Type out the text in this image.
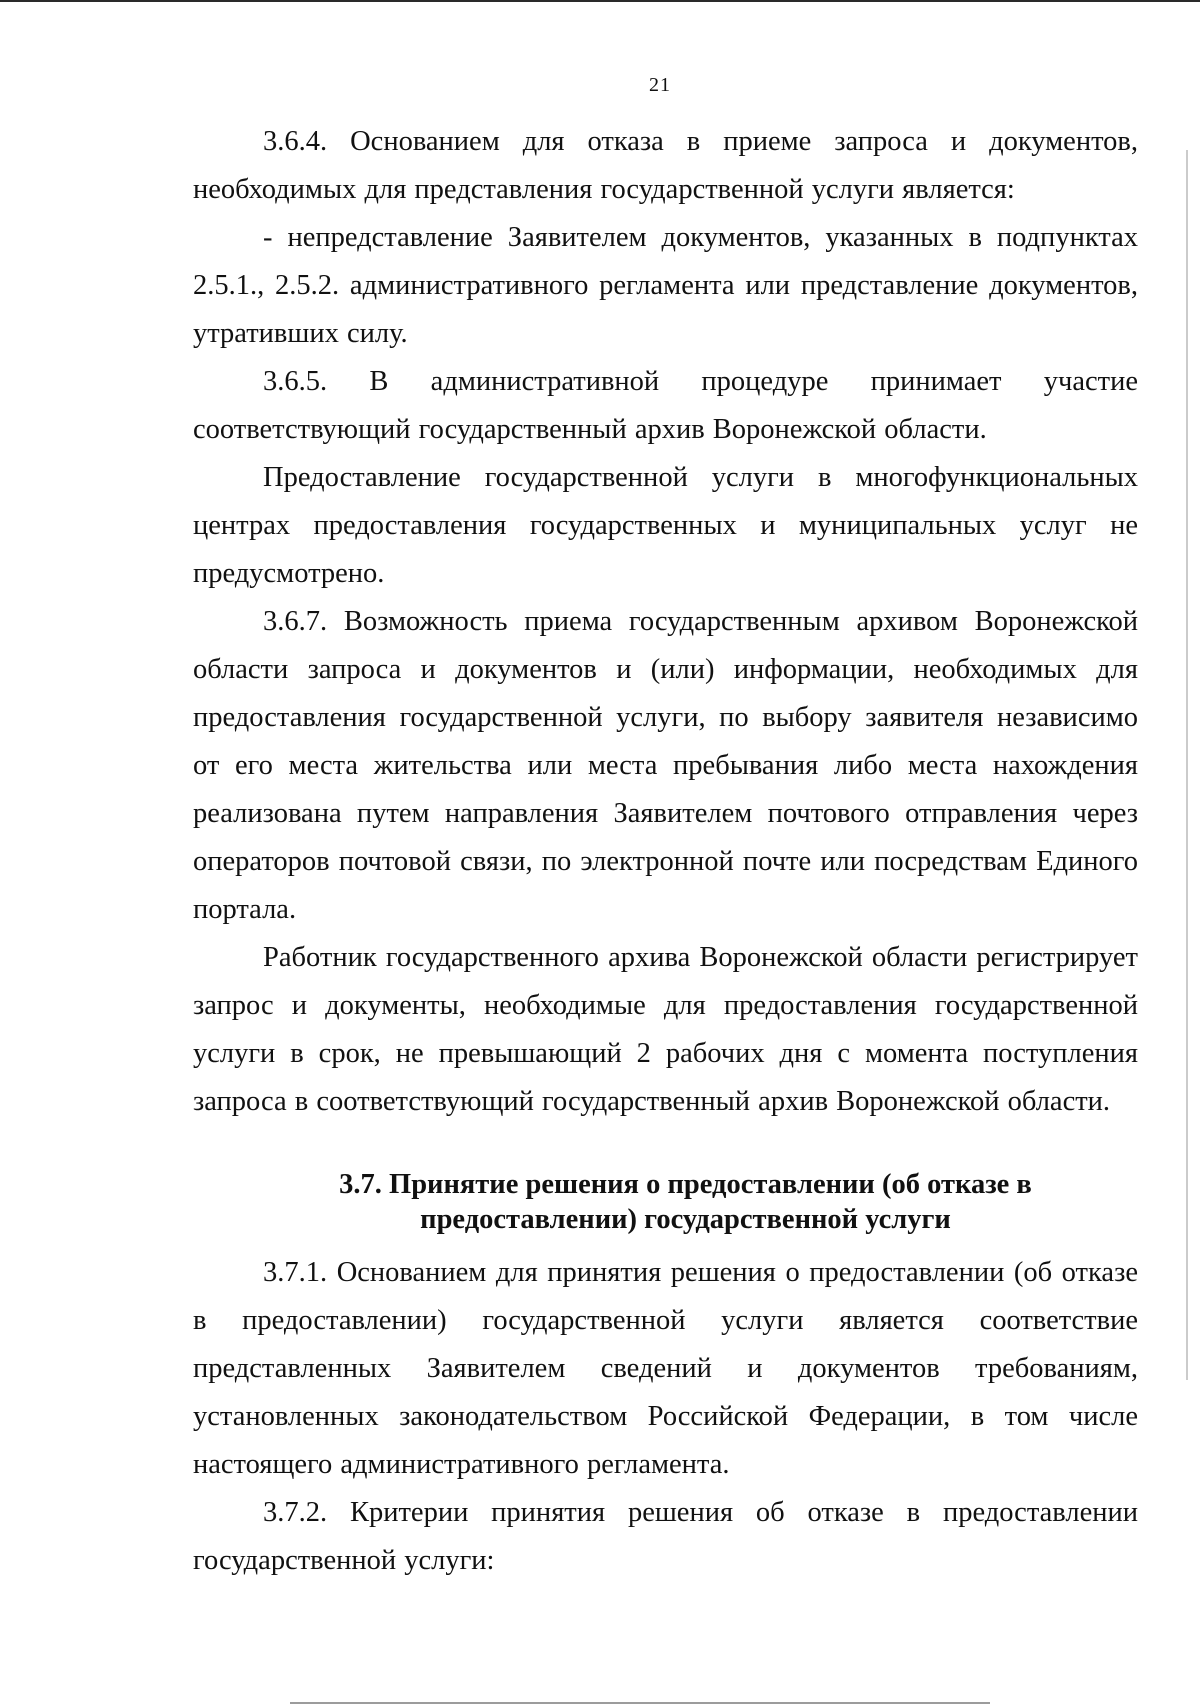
21

3.6.4. Основанием для отказа в приеме запроса и документов, необходимых для представления государственной услуги является:

- непредставление Заявителем документов, указанных в подпунктах 2.5.1., 2.5.2. административного регламента или представление документов, утративших силу.

3.6.5. В административной процедуре принимает участие соответствующий государственный архив Воронежской области.

Предоставление государственной услуги в многофункциональных центрах предоставления государственных и муниципальных услуг не предусмотрено.

3.6.7. Возможность приема государственным архивом Воронежской области запроса и документов и (или) информации, необходимых для предоставления государственной услуги, по выбору заявителя независимо от его места жительства или места пребывания либо места нахождения реализована путем направления Заявителем почтового отправления через операторов почтовой связи, по электронной почте или посредствам Единого портала.

Работник государственного архива Воронежской области регистрирует запрос и документы, необходимые для предоставления государственной услуги в срок, не превышающий 2 рабочих дня с момента поступления запроса в соответствующий государственный архив Воронежской области.

3.7. Принятие решения о предоставлении (об отказе в
предоставлении) государственной услуги

3.7.1. Основанием для принятия решения о предоставлении (об отказе в предоставлении) государственной услуги является соответствие представленных Заявителем сведений и документов требованиям, установленных законодательством Российской Федерации, в том числе настоящего административного регламента.

3.7.2. Критерии принятия решения об отказе в предоставлении государственной услуги:
